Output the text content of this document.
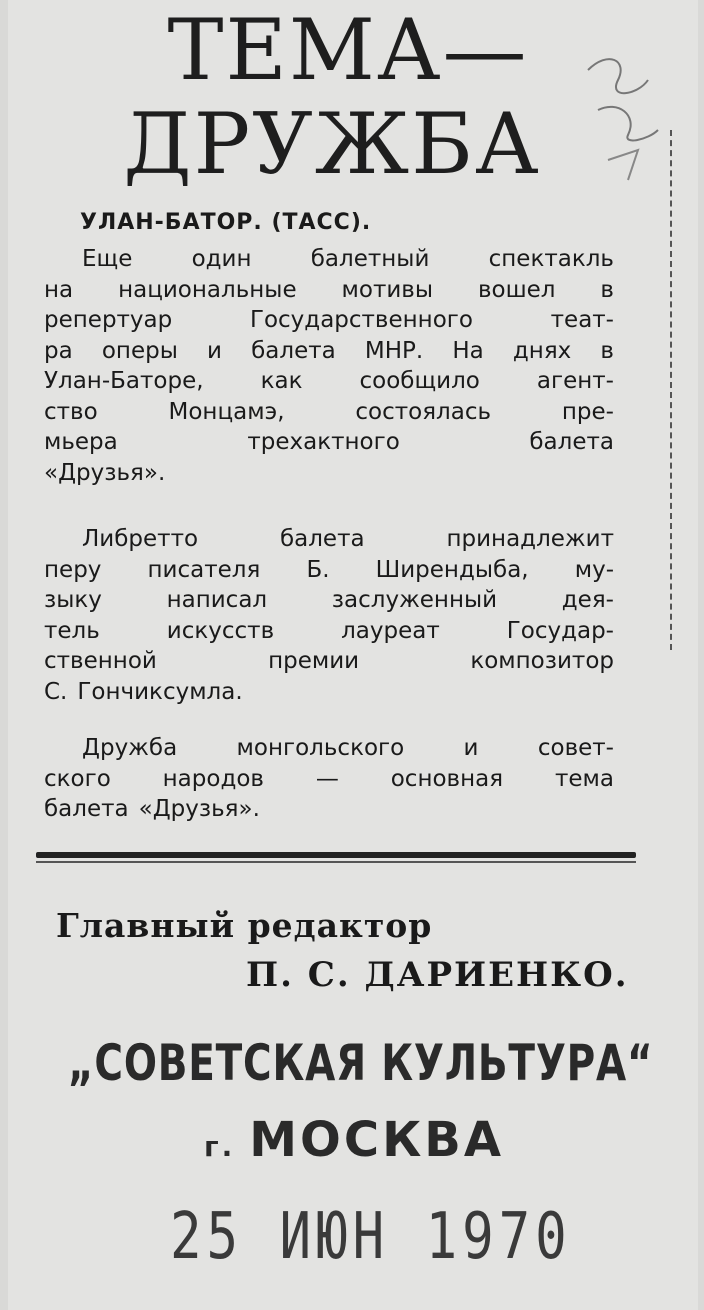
ТЕМА—
ДРУЖБА
УЛАН-БАТОР. (ТАСС).
Еще	один	балетный	спектакль
на национальные мотивы вошел в
репертуар	Государственного	теат-
ра оперы и балета МНР. На днях в
Улан-Баторе, как сообщило агент-
ство	Монцамэ,	состоялась	пре-
мьера	трехактного	балета
«Друзья».
Либретто	балета	принадлежит
перу писателя Б. Ширендыба, му-
зыку	написал	заслуженный	дея-
тель	искусств	лауреат	Государ-
ственной	премии	композитор
С. Гончиксумла.
Дружба	монгольского	и	совет-
ского народов — основная тема
балета «Друзья».
Главный редактор
П. С. ДАРИЕНКО.
„СОВЕТСКАЯ КУЛЬТУРА“
г. МОСКВА
25 ИЮН 1970
